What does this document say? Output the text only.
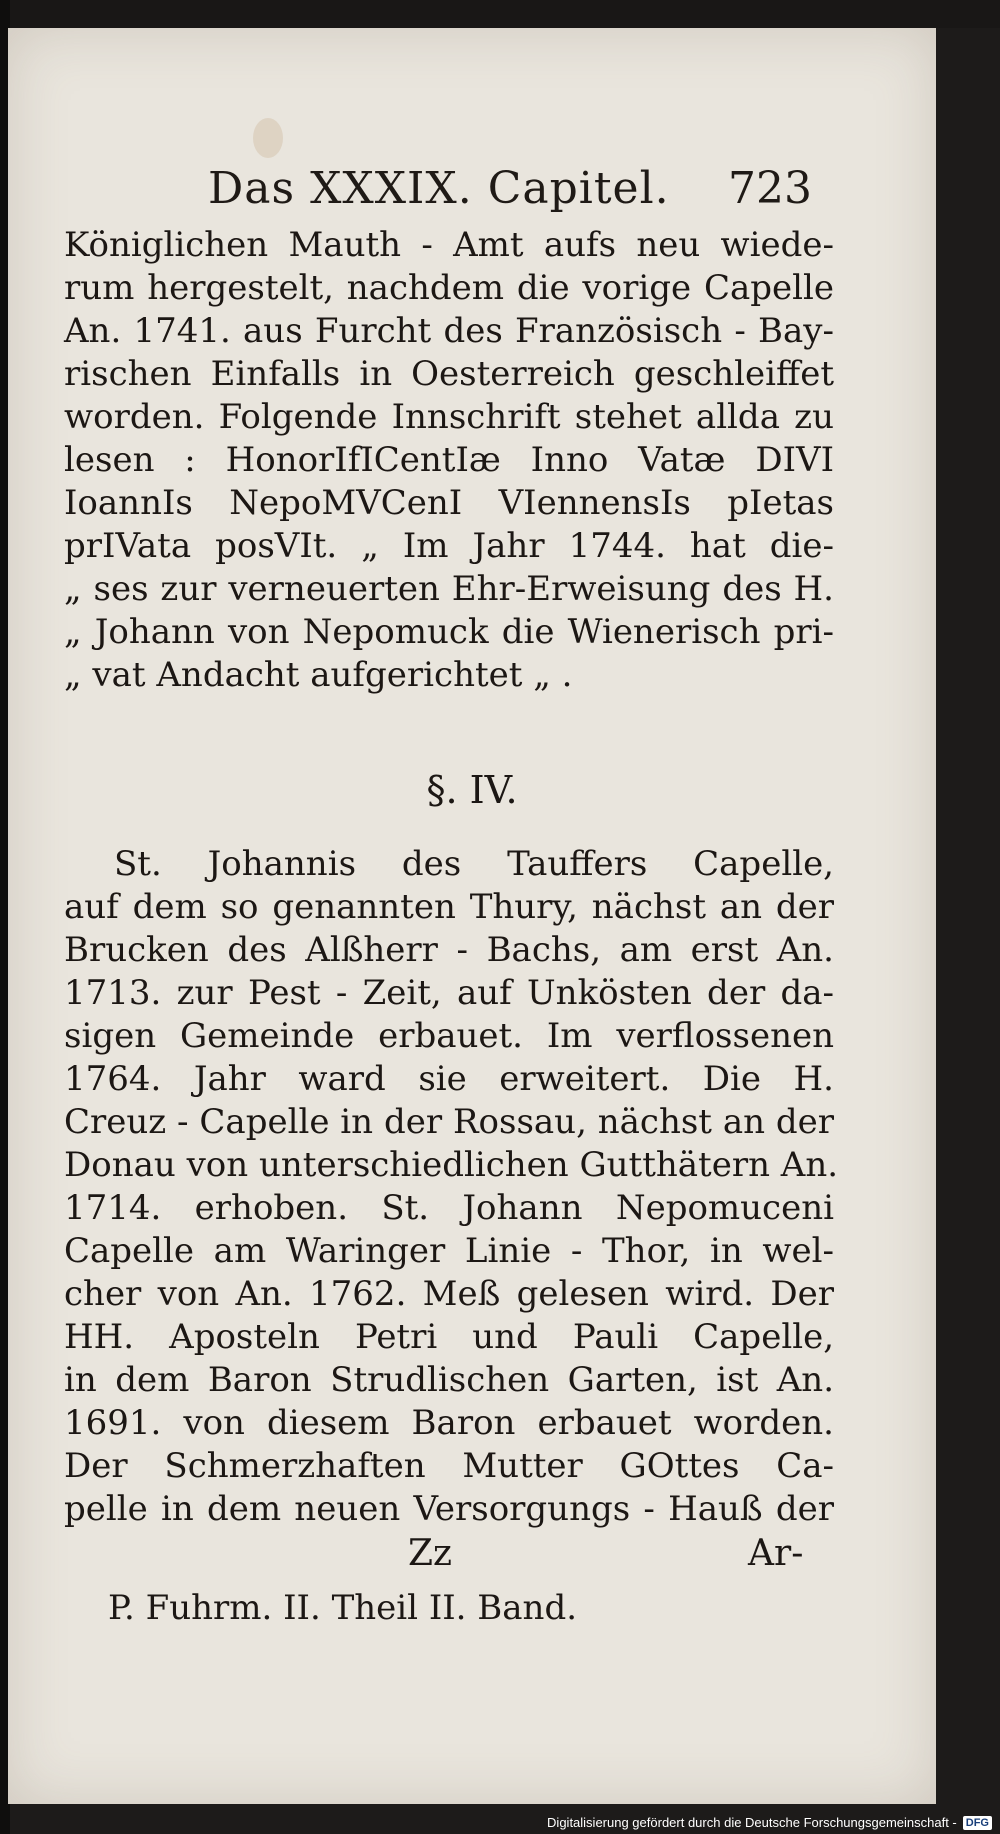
Das XXXIX. Capitel.	723
Königlichen Mauth - Amt aufs neu wiede-
rum hergestelt, nachdem die vorige Capelle
An. 1741. aus Furcht des Französisch - Bay-
rischen Einfalls in Oesterreich geschleiffet
worden. Folgende Innschrift stehet allda zu
lesen : HonorIfICentIæ Inno Vatæ DIVI
IoannIs NepoMVCenI VIennensIs pIetas
prIVata posVIt. „ Im Jahr 1744. hat die-
„ ses zur verneuerten Ehr-Erweisung des H.
„ Johann von Nepomuck die Wienerisch pri-
„ vat Andacht aufgerichtet „ .
§. IV.
St. Johannis des Tauffers Capelle,
auf dem so genannten Thury, nächst an der
Brucken des Alßherr - Bachs, am erst An.
1713. zur Pest - Zeit, auf Unkösten der da-
sigen Gemeinde erbauet. Im verflossenen
1764. Jahr ward sie erweitert. Die H.
Creuz - Capelle in der Rossau, nächst an der
Donau von unterschiedlichen Gutthätern An.
1714. erhoben. St. Johann Nepomuceni
Capelle am Waringer Linie - Thor, in wel-
cher von An. 1762. Meß gelesen wird. Der
HH. Aposteln Petri und Pauli Capelle,
in dem Baron Strudlischen Garten, ist An.
1691. von diesem Baron erbauet worden.
Der Schmerzhaften Mutter GOttes Ca-
pelle in dem neuen Versorgungs - Hauß der
Zz	Ar-
P. Fuhrm. II. Theil II. Band.
Digitalisierung gefördert durch die Deutsche Forschungsgemeinschaft - DFG
